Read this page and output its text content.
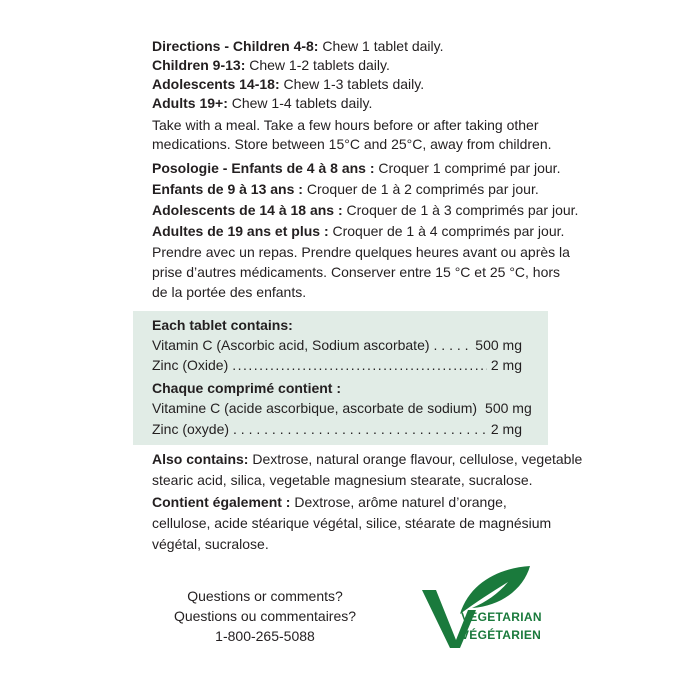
Directions - Children 4-8: Chew 1 tablet daily.
Children 9-13: Chew 1-2 tablets daily.
Adolescents 14-18: Chew 1-3 tablets daily.
Adults 19+: Chew 1-4 tablets daily.
Take with a meal. Take a few hours before or after taking other
medications. Store between 15°C and 25°C, away from children.
Posologie - Enfants de 4 à 8 ans : Croquer 1 comprimé par jour.
Enfants de 9 à 13 ans : Croquer de 1 à 2 comprimés par jour.
Adolescents de 14 à 18 ans : Croquer de 1 à 3 comprimés par jour.
Adultes de 19 ans et plus : Croquer de 1 à 4 comprimés par jour.
Prendre avec un repas. Prendre quelques heures avant ou après la
prise d’autres médicaments. Conserver entre 15 °C et 25 °C, hors
de la portée des enfants.
Each tablet contains:
Vitamin C (Ascorbic acid, Sodium ascorbate) . . .	500 mg
Zinc (Oxide) .....	2 mg
Chaque comprimé contient :
Vitamine C (acide ascorbique, ascorbate de sodium) 500 mg
Zinc (oxyde) . . .	2 mg
Also contains: Dextrose, natural orange flavour, cellulose, vegetable
stearic acid, silica, vegetable magnesium stearate, sucralose.
Contient également : Dextrose, arôme naturel d’orange,
cellulose, acide stéarique végétal, silice, stéarate de magnésium
végétal, sucralose.
Questions or comments?
Questions ou commentaires?
1-800-265-5088
VEGETARIAN
VÉGÉTARIEN
